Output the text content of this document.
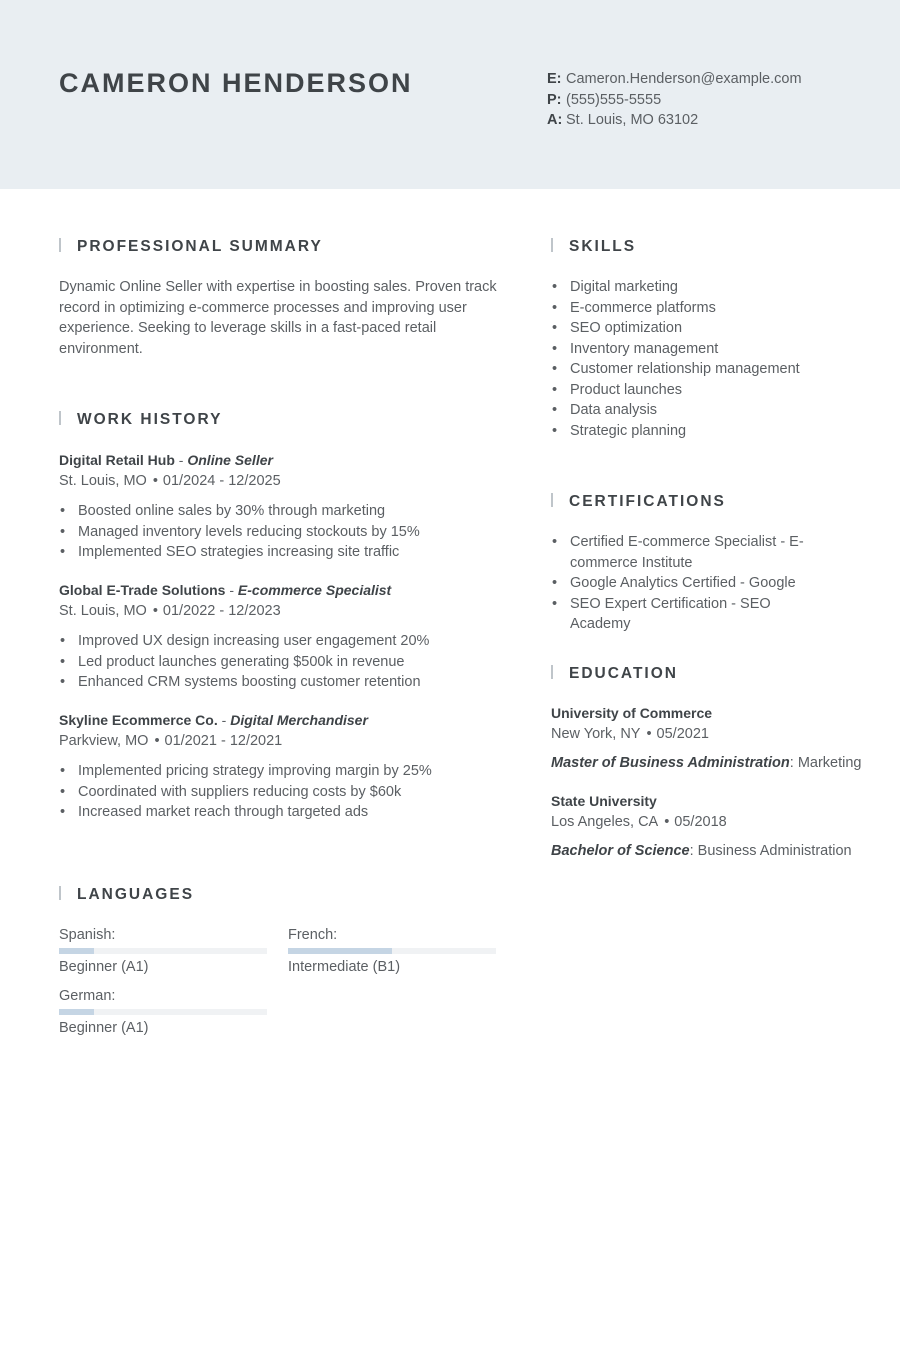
CAMERON HENDERSON	E: Cameron.Henderson@example.com
P: (555)555-5555
A: St. Louis, MO 63102
PROFESSIONAL SUMMARY
Dynamic Online Seller with expertise in boosting sales. Proven track record in optimizing e-commerce processes and improving user experience. Seeking to leverage skills in a fast-paced retail environment.
WORK HISTORY
Digital Retail Hub - Online Seller
St. Louis, MO • 01/2024 - 12/2025
• Boosted online sales by 30% through marketing
• Managed inventory levels reducing stockouts by 15%
• Implemented SEO strategies increasing site traffic
Global E-Trade Solutions - E-commerce Specialist
St. Louis, MO • 01/2022 - 12/2023
• Improved UX design increasing user engagement 20%
• Led product launches generating $500k in revenue
• Enhanced CRM systems boosting customer retention
Skyline Ecommerce Co. - Digital Merchandiser
Parkview, MO • 01/2021 - 12/2021
• Implemented pricing strategy improving margin by 25%
• Coordinated with suppliers reducing costs by $60k
• Increased market reach through targeted ads
LANGUAGES
Spanish:
Beginner (A1)
French:
Intermediate (B1)
German:
Beginner (A1)
SKILLS
• Digital marketing
• E-commerce platforms
• SEO optimization
• Inventory management
• Customer relationship management
• Product launches
• Data analysis
• Strategic planning
CERTIFICATIONS
• Certified E-commerce Specialist - E-commerce Institute
• Google Analytics Certified - Google
• SEO Expert Certification - SEO Academy
EDUCATION
University of Commerce
New York, NY • 05/2021
Master of Business Administration: Marketing
State University
Los Angeles, CA • 05/2018
Bachelor of Science: Business Administration
